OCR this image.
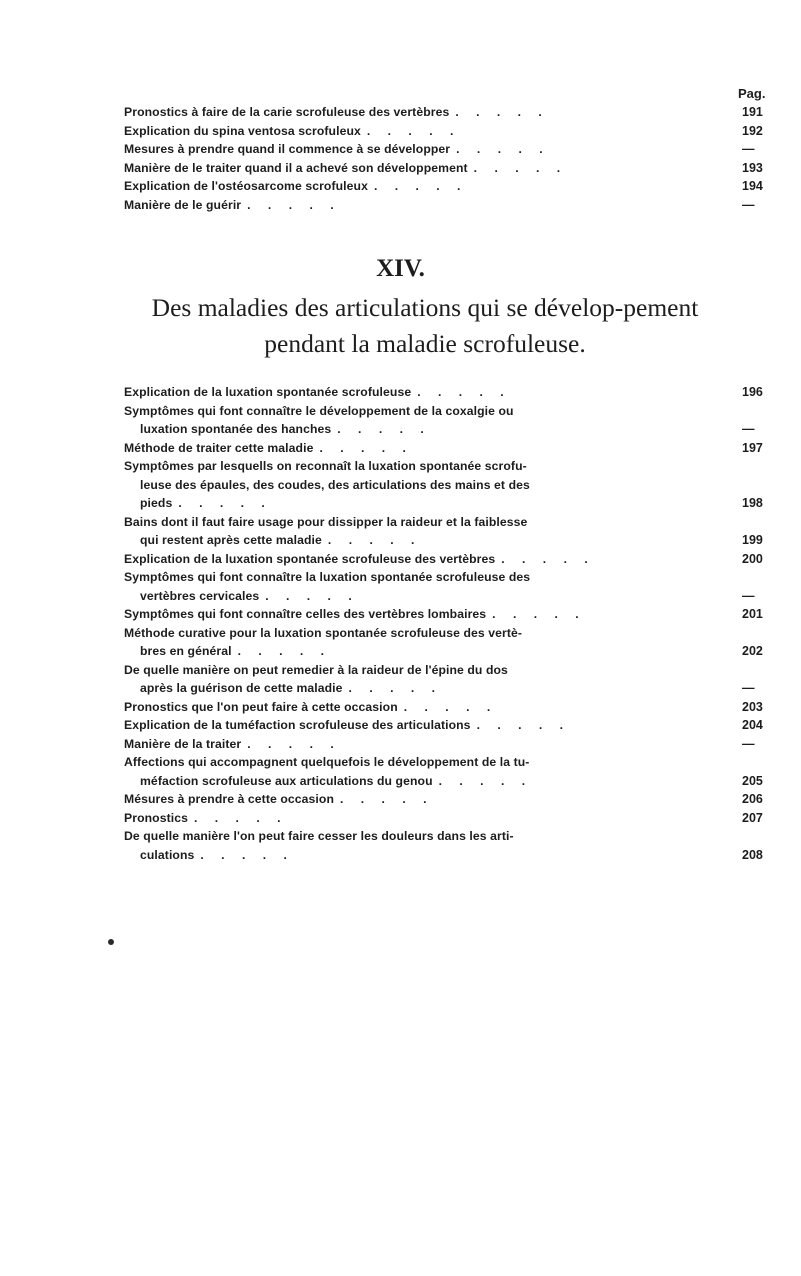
Pag.
Pronostics à faire de la carie scrofuleuse des vertèbres . . . . .	191
Explication du spina ventosa scrofuleux . . . . .	192
Mesures à prendre quand il commence à se développer . . . . .	—
Manière de le traiter quand il a achevé son développement . . . . .	193
Explication de l'ostéosarcome scrofuleux . . . . .	194
Manière de le guérir . . . . .	—
XIV.
Des maladies des articulations qui se dévelop-pement pendant la maladie scrofuleuse.
Explication de la luxation spontanée scrofuleuse . . . . .	196
Symptômes qui font connaître le développement de la coxalgie ou
luxation spontanée des hanches . . . . .	—
Méthode de traiter cette maladie . . . . .	197
Symptômes par lesquells on reconnaît la luxation spontanée scrofu-
leuse des épaules, des coudes, des articulations des mains et des
pieds . . . . .	198
Bains dont il faut faire usage pour dissipper la raideur et la faiblesse
qui restent après cette maladie . . . . .	199
Explication de la luxation spontanée scrofuleuse des vertèbres . . . . .	200
Symptômes qui font connaître la luxation spontanée scrofuleuse des
vertèbres cervicales . . . . .	—
Symptômes qui font connaître celles des vertèbres lombaires . . . . .	201
Méthode curative pour la luxation spontanée scrofuleuse des vertè-
bres en général . . . . .	202
De quelle manière on peut remedier à la raideur de l'épine du dos
après la guérison de cette maladie . . . . .	—
Pronostics que l'on peut faire à cette occasion . . . . .	203
Explication de la tuméfaction scrofuleuse des articulations . . . . .	204
Manière de la traiter . . . . .	—
Affections qui accompagnent quelquefois le développement de la tu-
méfaction scrofuleuse aux articulations du genou . . . . .	205
Mésures à prendre à cette occasion . . . . .	206
Pronostics . . . . .	207
De quelle manière l'on peut faire cesser les douleurs dans les arti-
culations . . . . .	208
